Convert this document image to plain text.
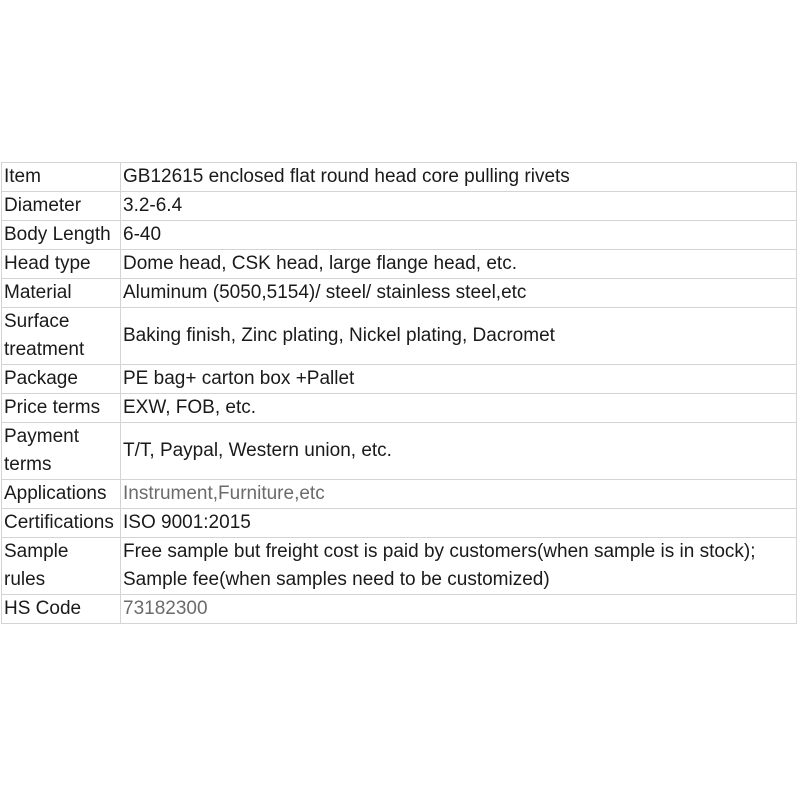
Item	GB12615 enclosed flat round head core pulling rivets

Diameter	3.2-6.4

Body Length	6-40

Head type	Dome head, CSK head, large flange head, etc.

Material	Aluminum (5050,5154)/ steel/ stainless steel,etc

Surface
treatment	Baking finish, Zinc plating, Nickel plating, Dacromet

Package	PE bag+ carton box +Pallet

Price terms	EXW, FOB, etc.

Payment
terms	T/T, Paypal, Western union, etc.

Applications	Instrument,Furniture,etc

Certifications	ISO 9001:2015

Sample
rules	Free sample but freight cost is paid by customers(when sample is in stock);
Sample fee(when samples need to be customized)

HS Code	73182300
